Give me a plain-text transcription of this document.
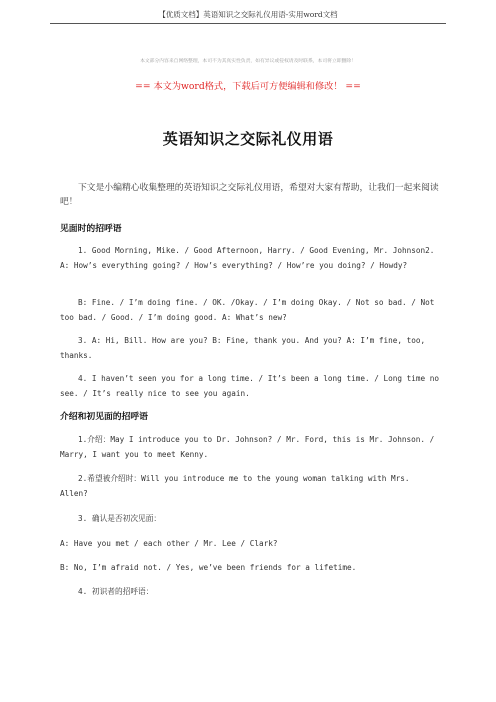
【优质文档】英语知识之交际礼仪用语-实用word文档
本文部分内容来自网络整理，本司不为其真实性负责，如有异议或侵权请及时联系，本司将立即删除！
== 本文为word格式，下载后可方便编辑和修改！ ==
英语知识之交际礼仪用语

下文是小编精心收集整理的英语知识之交际礼仪用语，希望对大家有帮助，让我们一起来阅读吧！

见面时的招呼语

1. Good Morning, Mike. / Good Afternoon, Harry. / Good Evening, Mr. Johnson2. A: How’s everything going? / How’s everything? / How’re you doing? / Howdy?

B: Fine. / I’m doing fine. / OK. /Okay. / I’m doing Okay. / Not so bad. / Not too bad. / Good. / I’m doing good. A: What’s new?

3. A: Hi, Bill. How are you? B: Fine, thank you. And you? A: I’m fine, too, thanks.

4. I haven’t seen you for a long time. / It’s been a long time. / Long time no see. / It’s really nice to see you again.

介绍和初见面的招呼语

1.介绍：May I introduce you to Dr. Johnson? / Mr. Ford, this is Mr. Johnson. / Marry, I want you to meet Kenny.

2.希望被介绍时：Will you introduce me to the young woman talking with Mrs. Allen?

3. 确认是否初次见面：

A: Have you met / each other / Mr. Lee / Clark?

B: No, I’m afraid not. / Yes, we’ve been friends for a lifetime.

4. 初识者的招呼语：
